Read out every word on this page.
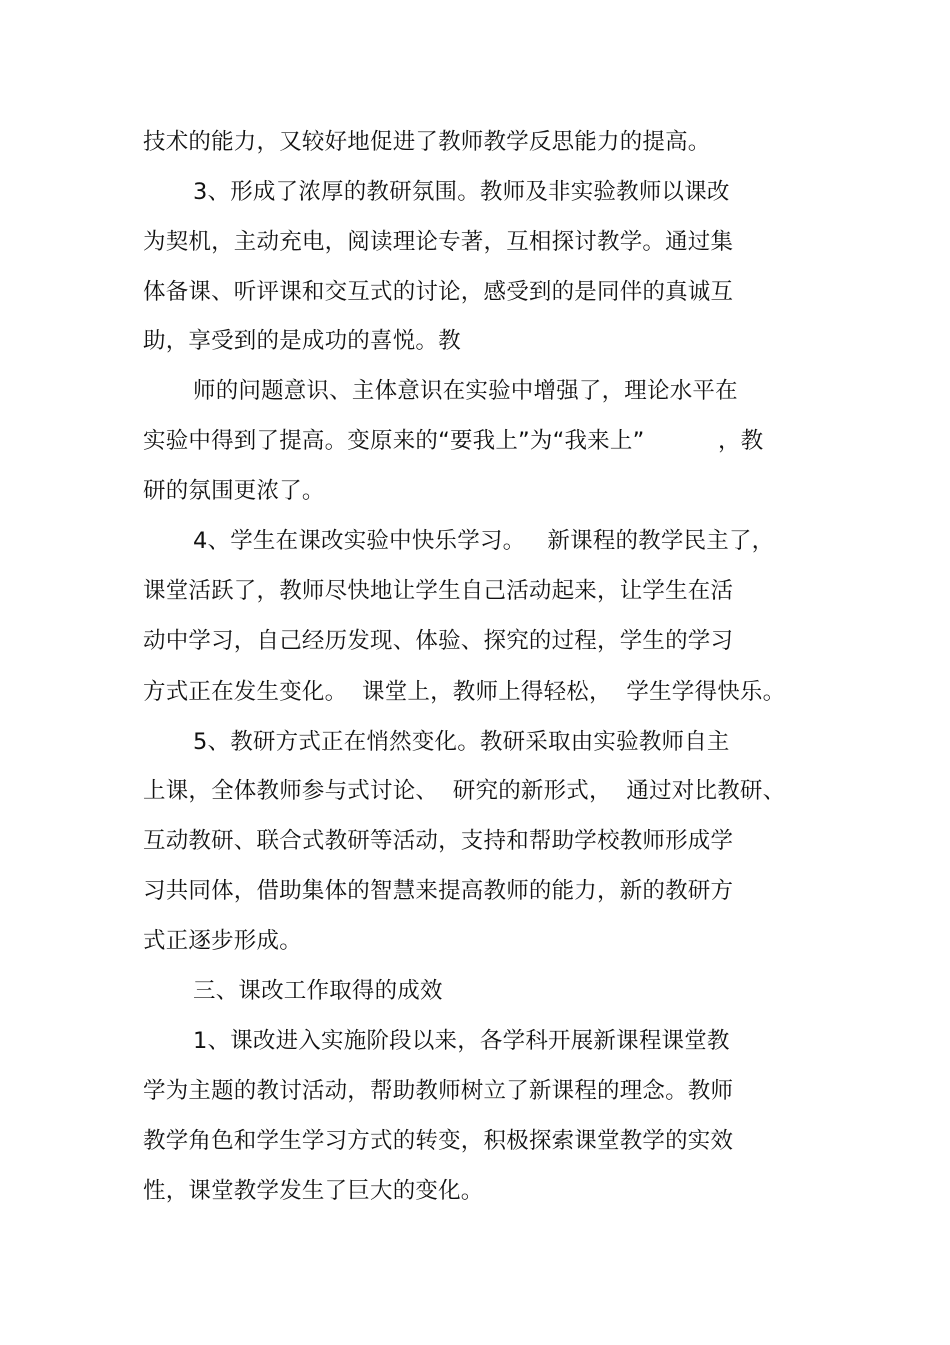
技术的能力，又较好地促进了教师教学反思能力的提高。
3、形成了浓厚的教研氛围。教师及非实验教师以课改
为契机，主动充电，阅读理论专著，互相探讨教学。通过集
体备课、听评课和交互式的讨论，感受到的是同伴的真诚互
助，享受到的是成功的喜悦。教
师的问题意识、主体意识在实验中增强了，理论水平在
实验中得到了提高。变原来的“要我上”为“我来上”          ，教
研的氛围更浓了。
4、学生在课改实验中快乐学习。   新课程的教学民主了，
课堂活跃了，教师尽快地让学生自己活动起来，让学生在活
动中学习，自己经历发现、体验、探究的过程，学生的学习
方式正在发生变化。  课堂上，教师上得轻松，  学生学得快乐。
5、教研方式正在悄然变化。教研采取由实验教师自主
上课，全体教师参与式讨论、  研究的新形式，  通过对比教研、
互动教研、联合式教研等活动，支持和帮助学校教师形成学
习共同体，借助集体的智慧来提高教师的能力，新的教研方
式正逐步形成。
三、课改工作取得的成效
1、课改进入实施阶段以来，各学科开展新课程课堂教
学为主题的教讨活动，帮助教师树立了新课程的理念。教师
教学角色和学生学习方式的转变，积极探索课堂教学的实效
性，课堂教学发生了巨大的变化。
